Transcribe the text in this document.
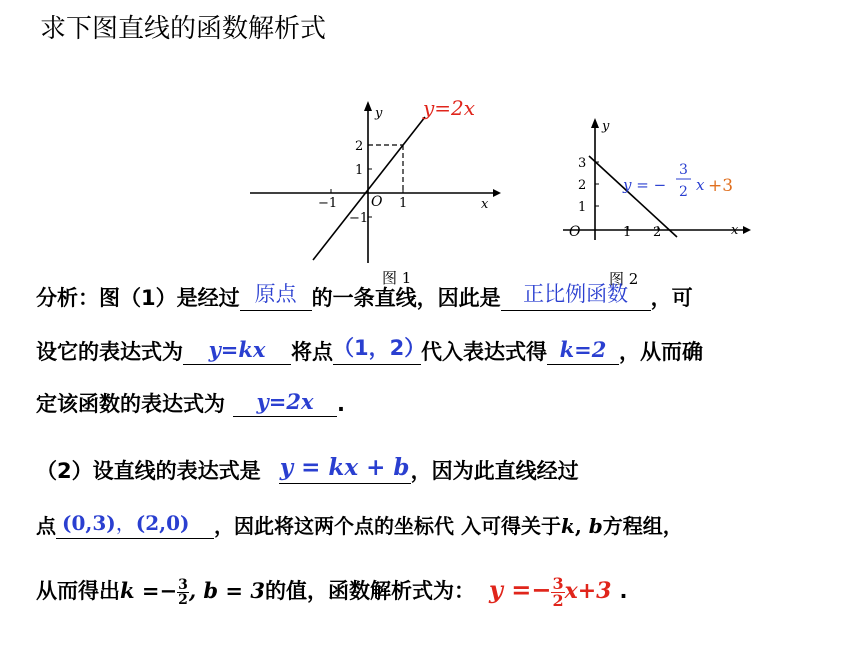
求下图直线的函数解析式
y
x
O
−1	1
2
1
−1
y=2x
图 1
y
x
O	1 2
3
2
1
y = −
3
2 x +3
图 2
分析：图（1）是经过 原点 的一条直线，因此是	正比例函数	，可
设它的表达式为	y=kx	将点 （1，2）
代入表达式得 k=2 ，从而确
定该函数的表达式为	y=2x	.
（2）设直线的表达式是 y = kx + b ，因为此直线经过
点 (0,3)，(2,0)	，因此将这两个点的坐标代 入可得关于k, b方程组，
从而得出$k =- \frac{3}{2}$ , b = 3的值，函数解析式为： $y =- \frac{3}{2} x+3$ .
